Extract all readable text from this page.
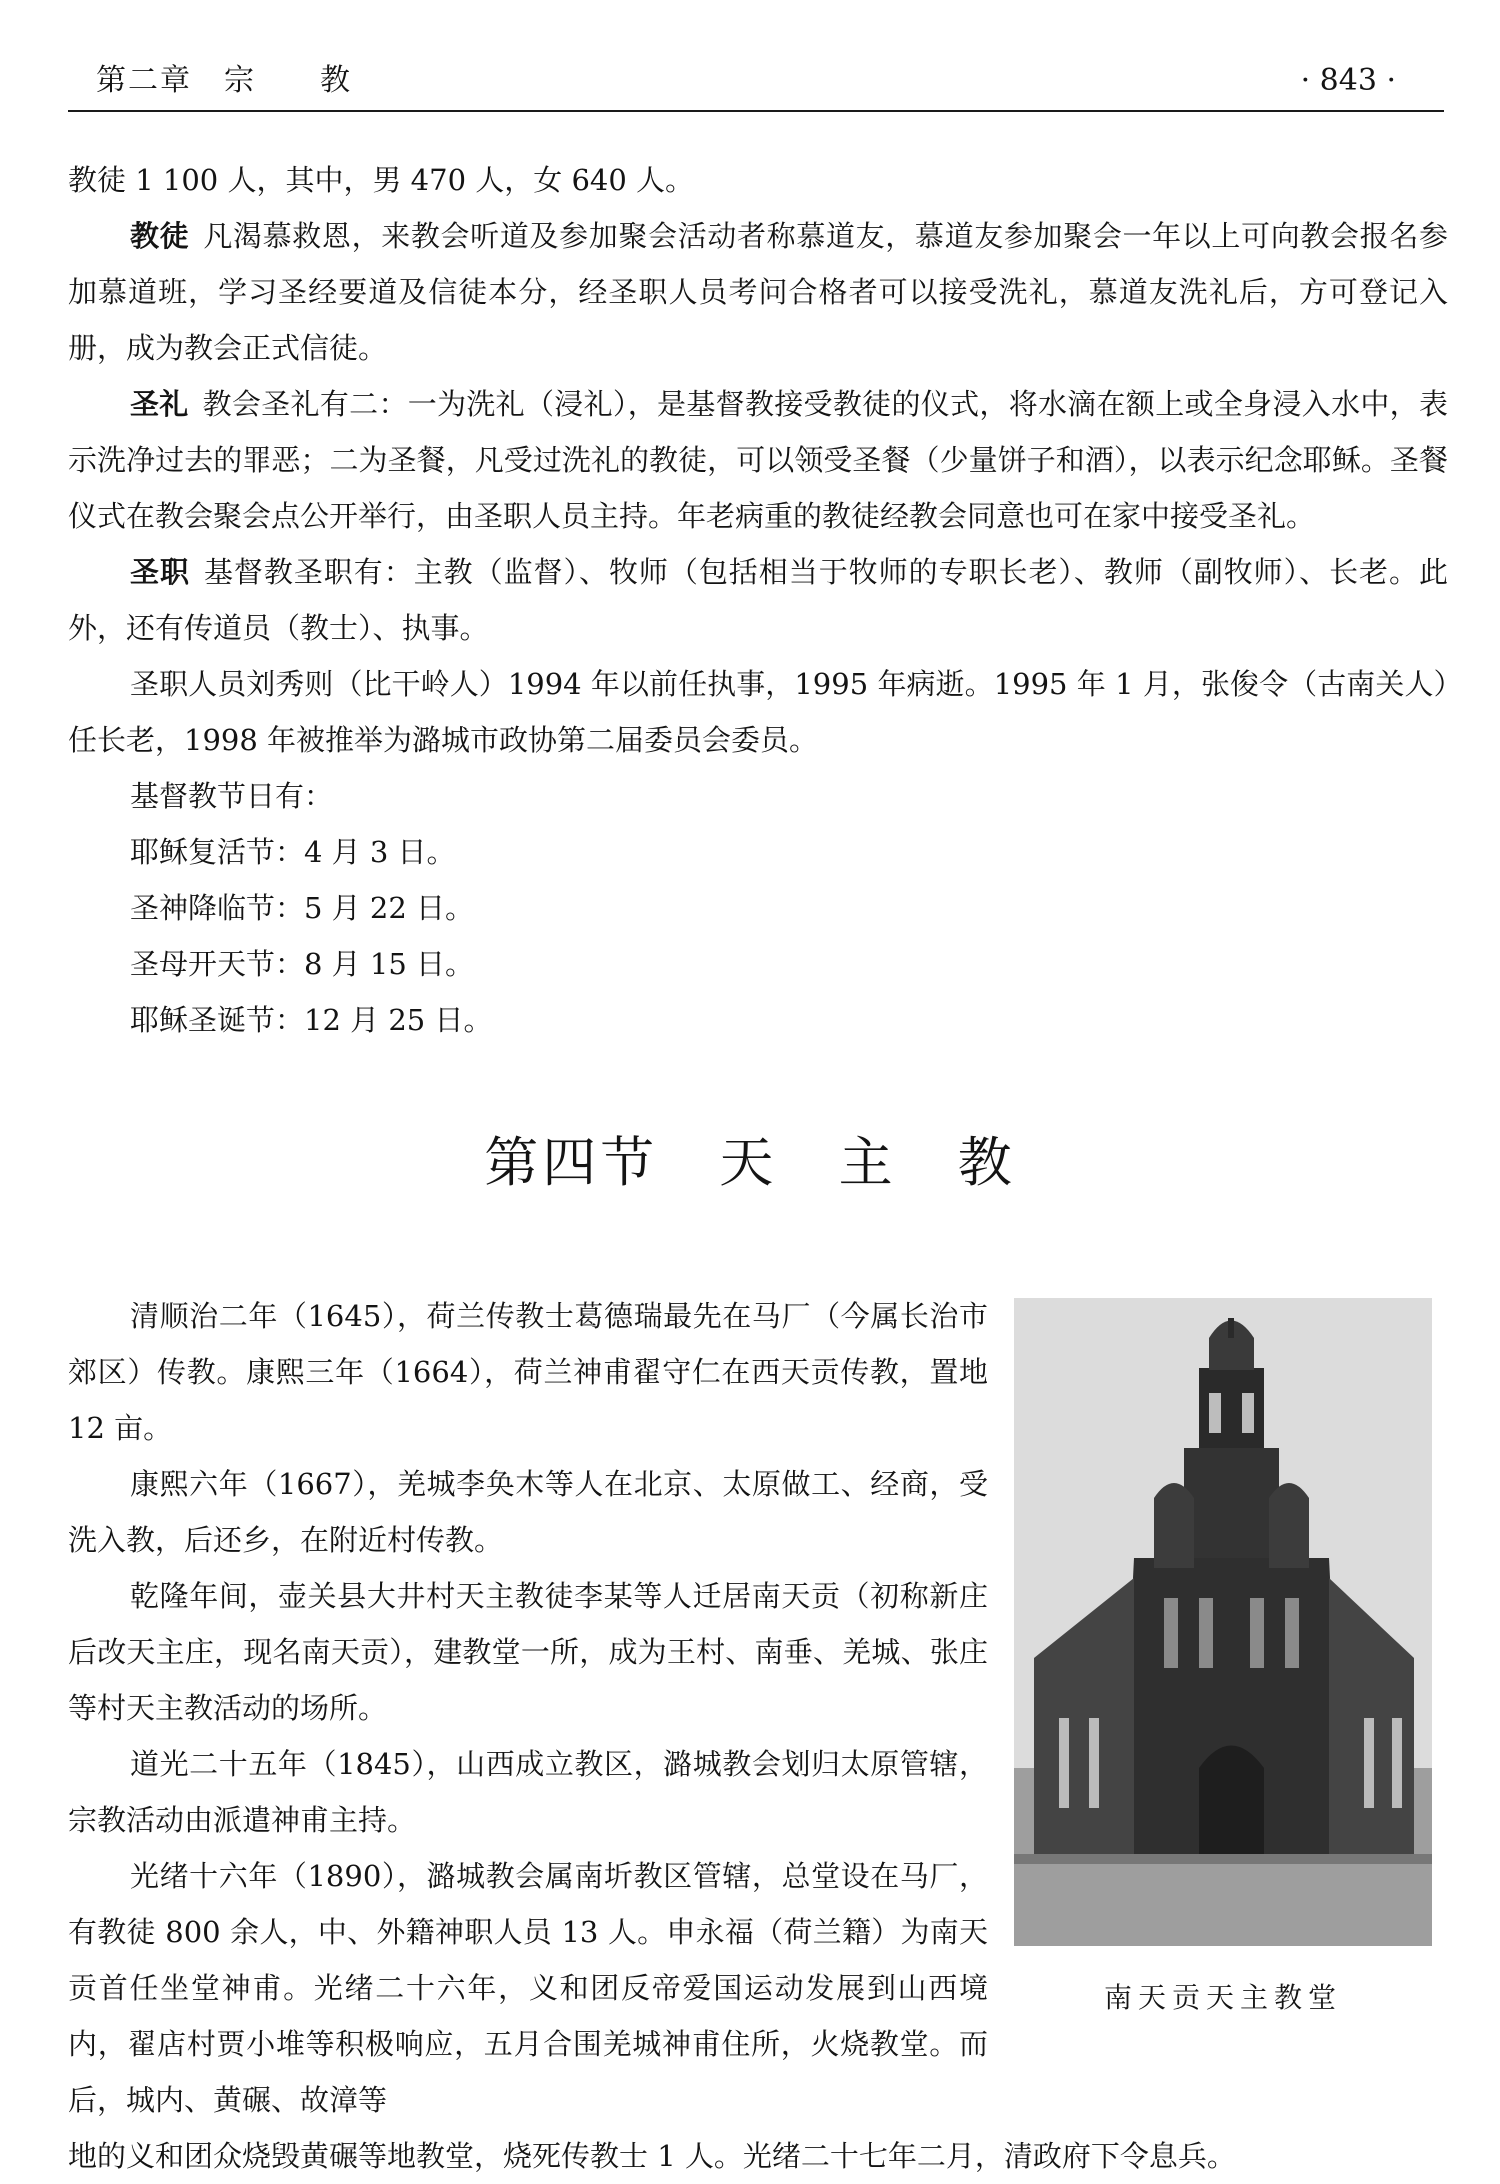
第二章　宗　　教	· 843 ·

教徒 1 100 人，其中，男 470 人，女 640 人。

教徒 凡渴慕救恩，来教会听道及参加聚会活动者称慕道友，慕道友参加聚会一年以上可向教会报名参加慕道班，学习圣经要道及信徒本分，经圣职人员考问合格者可以接受洗礼，慕道友洗礼后，方可登记入册，成为教会正式信徒。

圣礼 教会圣礼有二：一为洗礼（浸礼），是基督教接受教徒的仪式，将水滴在额上或全身浸入水中，表示洗净过去的罪恶；二为圣餐，凡受过洗礼的教徒，可以领受圣餐（少量饼子和酒），以表示纪念耶稣。圣餐仪式在教会聚会点公开举行，由圣职人员主持。年老病重的教徒经教会同意也可在家中接受圣礼。

圣职 基督教圣职有：主教（监督）、牧师（包括相当于牧师的专职长老）、教师（副牧师）、长老。此外，还有传道员（教士）、执事。

圣职人员刘秀则（比干岭人）1994 年以前任执事，1995 年病逝。1995 年 1 月，张俊令（古南关人）任长老，1998 年被推举为潞城市政协第二届委员会委员。

基督教节日有：

耶稣复活节：4 月 3 日。

圣神降临节：5 月 22 日。

圣母开天节：8 月 15 日。

耶稣圣诞节：12 月 25 日。

第四节 天 主 教

清顺治二年（1645），荷兰传教士葛德瑞最先在马厂（今属长治市郊区）传教。康熙三年（1664），荷兰神甫翟守仁在西天贡传教，置地 12 亩。

康熙六年（1667），羌城李奂木等人在北京、太原做工、经商，受洗入教，后还乡，在附近村传教。

乾隆年间，壶关县大井村天主教徒李某等人迁居南天贡（初称新庄后改天主庄，现名南天贡），建教堂一所，成为王村、南垂、羌城、张庄等村天主教活动的场所。

道光二十五年（1845），山西成立教区，潞城教会划归太原管辖，宗教活动由派遣神甫主持。

光绪十六年（1890），潞城教会属南圻教区管辖，总堂设在马厂，有教徒 800 余人，中、外籍神职人员 13 人。申永福（荷兰籍）为南天贡首任坐堂神甫。光绪二十六年，义和团反帝爱国运动发展到山西境内，翟店村贾小堆等积极响应，五月合围羌城神甫住所，火烧教堂。而后，城内、黄碾、故漳等

地的义和团众烧毁黄碾等地教堂，烧死传教士 1 人。光绪二十七年二月，清政府下令息兵。

南天贡天主教堂
